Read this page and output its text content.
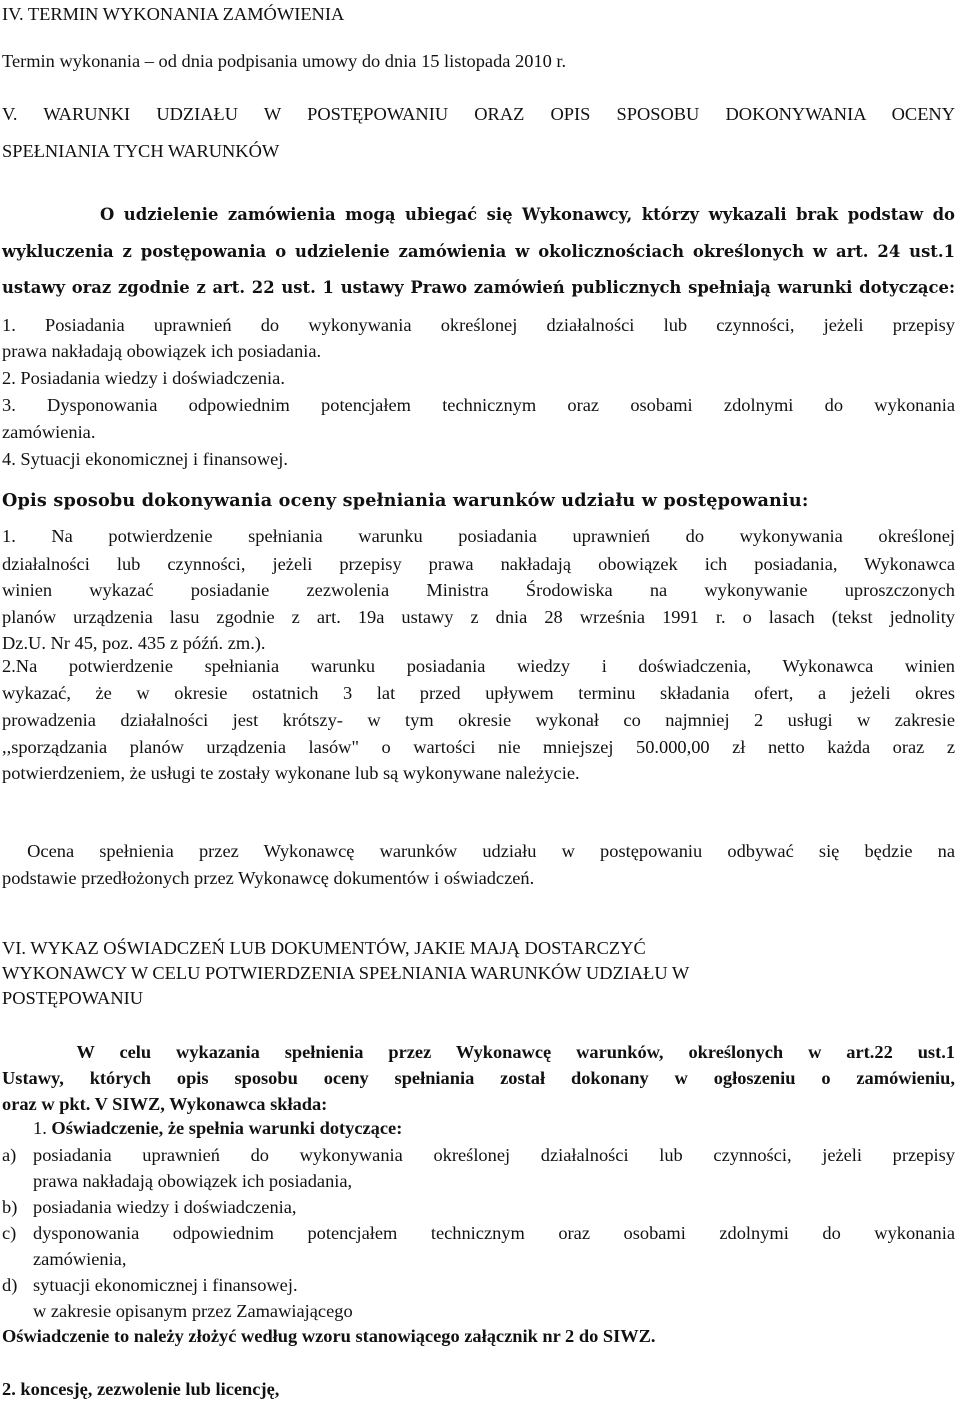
IV. TERMIN WYKONANIA ZAMÓWIENIA
Termin wykonania – od dnia podpisania umowy do dnia 15 listopada 2010 r.
V. WARUNKI UDZIAŁU W POSTĘPOWANIU ORAZ OPIS SPOSOBU DOKONYWANIA OCENY
SPEŁNIANIA TYCH WARUNKÓW
O udzielenie zamówienia mogą ubiegać się Wykonawcy, którzy wykazali brak podstaw do
wykluczenia z postępowania o udzielenie zamówienia w okolicznościach określonych w art. 24 ust.1
ustawy oraz zgodnie z art. 22 ust. 1 ustawy Prawo zamówień publicznych spełniają warunki dotyczące:
1. Posiadania uprawnień do wykonywania określonej działalności lub czynności, jeżeli przepisy
prawa nakładają obowiązek ich posiadania.
2. Posiadania wiedzy i doświadczenia.
3. Dysponowania odpowiednim potencjałem technicznym oraz osobami zdolnymi do wykonania
zamówienia.
4. Sytuacji ekonomicznej i finansowej.
Opis sposobu dokonywania oceny spełniania warunków udziału w postępowaniu:
1. Na potwierdzenie spełniania warunku posiadania uprawnień do wykonywania określonej
działalności lub czynności, jeżeli przepisy prawa nakładają obowiązek ich posiadania, Wykonawca
winien wykazać posiadanie zezwolenia Ministra Środowiska na wykonywanie uproszczonych
planów urządzenia lasu zgodnie z art. 19a ustawy z dnia 28 września 1991 r. o lasach (tekst jednolity
Dz.U. Nr 45, poz. 435 z późń. zm.).
2.Na potwierdzenie spełniania warunku posiadania wiedzy i doświadczenia, Wykonawca winien
wykazać, że w okresie ostatnich 3 lat przed upływem terminu składania ofert, a jeżeli okres
prowadzenia działalności jest krótszy- w tym okresie wykonał co najmniej 2 usługi w zakresie
,,sporządzania planów urządzenia lasów" o wartości nie mniejszej 50.000,00 zł netto każda oraz z
potwierdzeniem, że usługi te zostały wykonane lub są wykonywane należycie.
Ocena spełnienia przez Wykonawcę warunków udziału w postępowaniu odbywać się będzie na
podstawie przedłożonych przez Wykonawcę dokumentów i oświadczeń.
VI. WYKAZ OŚWIADCZEŃ LUB DOKUMENTÓW, JAKIE MAJĄ DOSTARCZYĆ
WYKONAWCY W CELU POTWIERDZENIA SPEŁNIANIA WARUNKÓW UDZIAŁU W
POSTĘPOWANIU
W celu wykazania spełnienia przez Wykonawcę warunków, określonych w art.22 ust.1
Ustawy, których opis sposobu oceny spełniania został dokonany w ogłoszeniu o zamówieniu,
oraz w pkt. V SIWZ, Wykonawca składa:
1. Oświadczenie, że spełnia warunki dotyczące:
a) posiadania uprawnień do wykonywania określonej działalności lub czynności, jeżeli przepisy
prawa nakładają obowiązek ich posiadania,
b) posiadania wiedzy i doświadczenia,
c) dysponowania odpowiednim potencjałem technicznym oraz osobami zdolnymi do wykonania
zamówienia,
d) sytuacji ekonomicznej i finansowej.
w zakresie opisanym przez Zamawiającego
Oświadczenie to należy złożyć według wzoru stanowiącego załącznik nr 2 do SIWZ.
2. koncesję, zezwolenie lub licencję,
